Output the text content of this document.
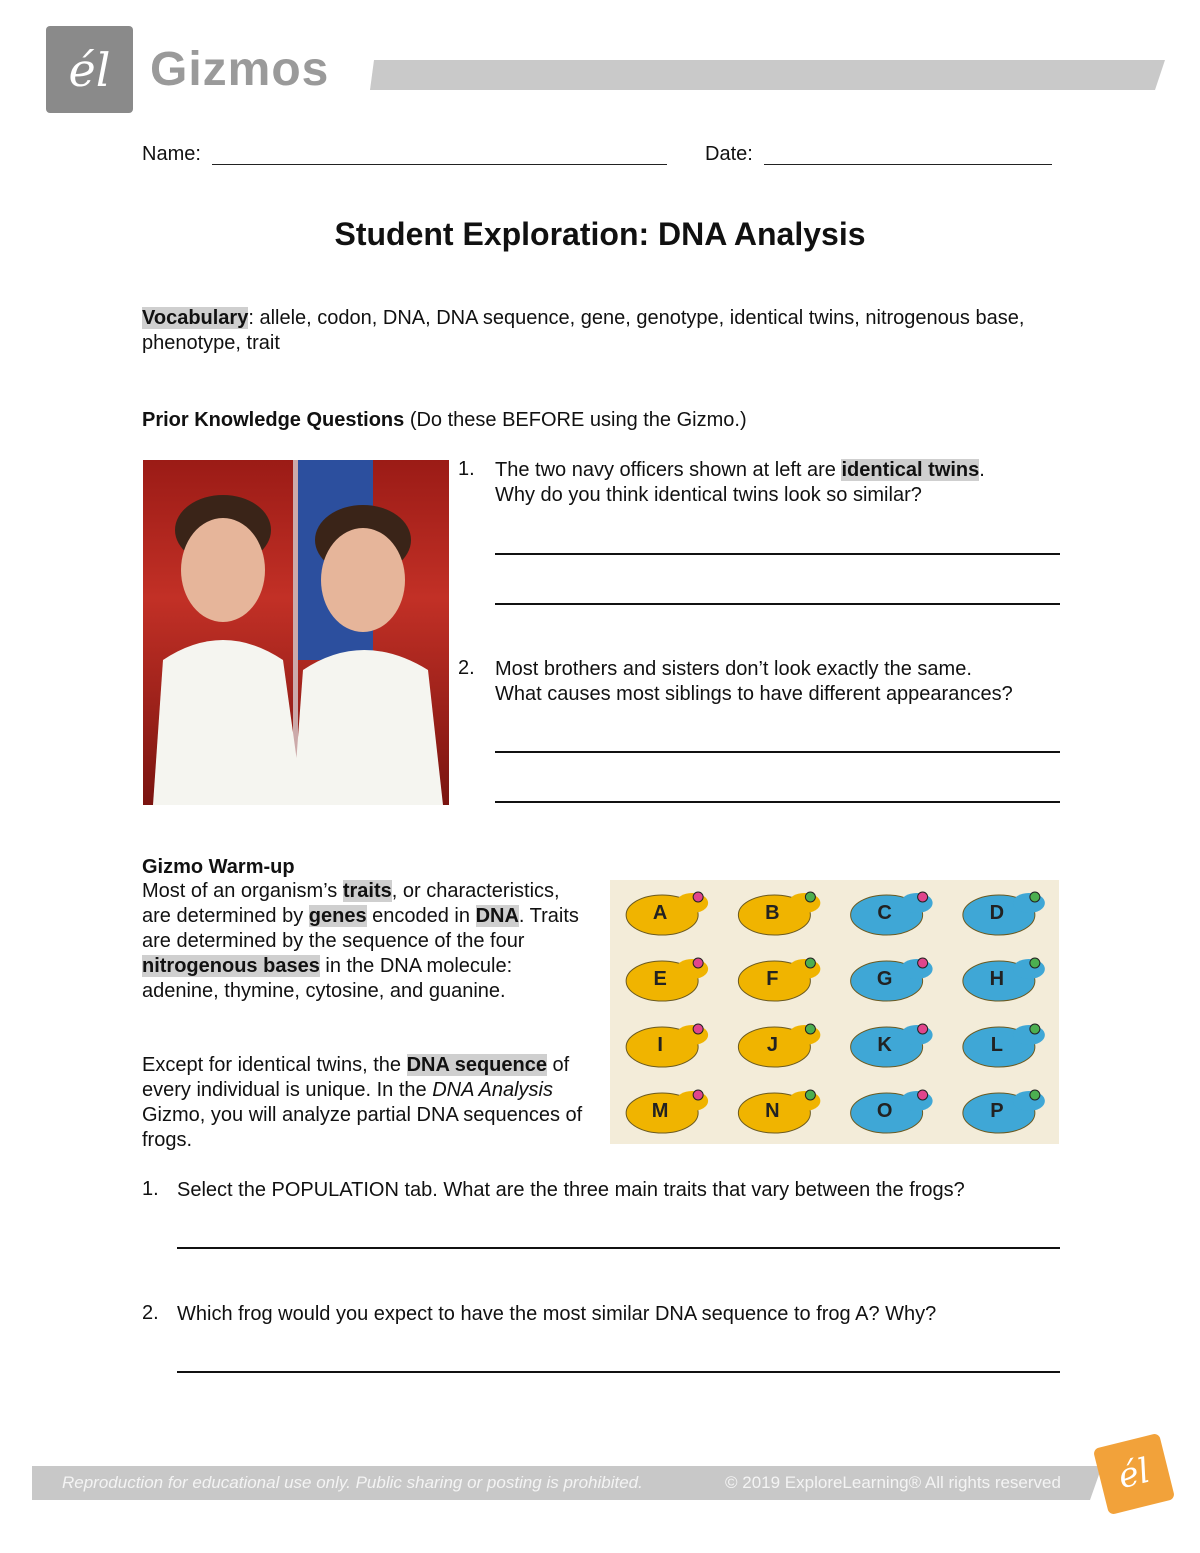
él Gizmos
Name:	Date:
Student Exploration: DNA Analysis
Vocabulary: allele, codon, DNA, DNA sequence, gene, genotype, identical twins, nitrogenous base, phenotype, trait
Prior Knowledge Questions (Do these BEFORE using the Gizmo.)
1. The two navy officers shown at left are identical twins.
Why do you think identical twins look so similar?
2. Most brothers and sisters don’t look exactly the same.
What causes most siblings to have different appearances?
Gizmo Warm-up
Most of an organism’s traits, or characteristics, are determined by genes encoded in DNA. Traits are determined by the sequence of the four nitrogenous bases in the DNA molecule: adenine, thymine, cytosine, and guanine.
Except for identical twins, the DNA sequence of every individual is unique. In the DNA Analysis Gizmo, you will analyze partial DNA sequences of frogs.
A	B	C	D
E	F	G	H
I	J	K	L
M	N	O	P
1. Select the POPULATION tab. What are the three main traits that vary between the frogs?
2. Which frog would you expect to have the most similar DNA sequence to frog A? Why?
Reproduction for educational use only. Public sharing or posting is prohibited.	© 2019 ExploreLearning® All rights reserved	él
